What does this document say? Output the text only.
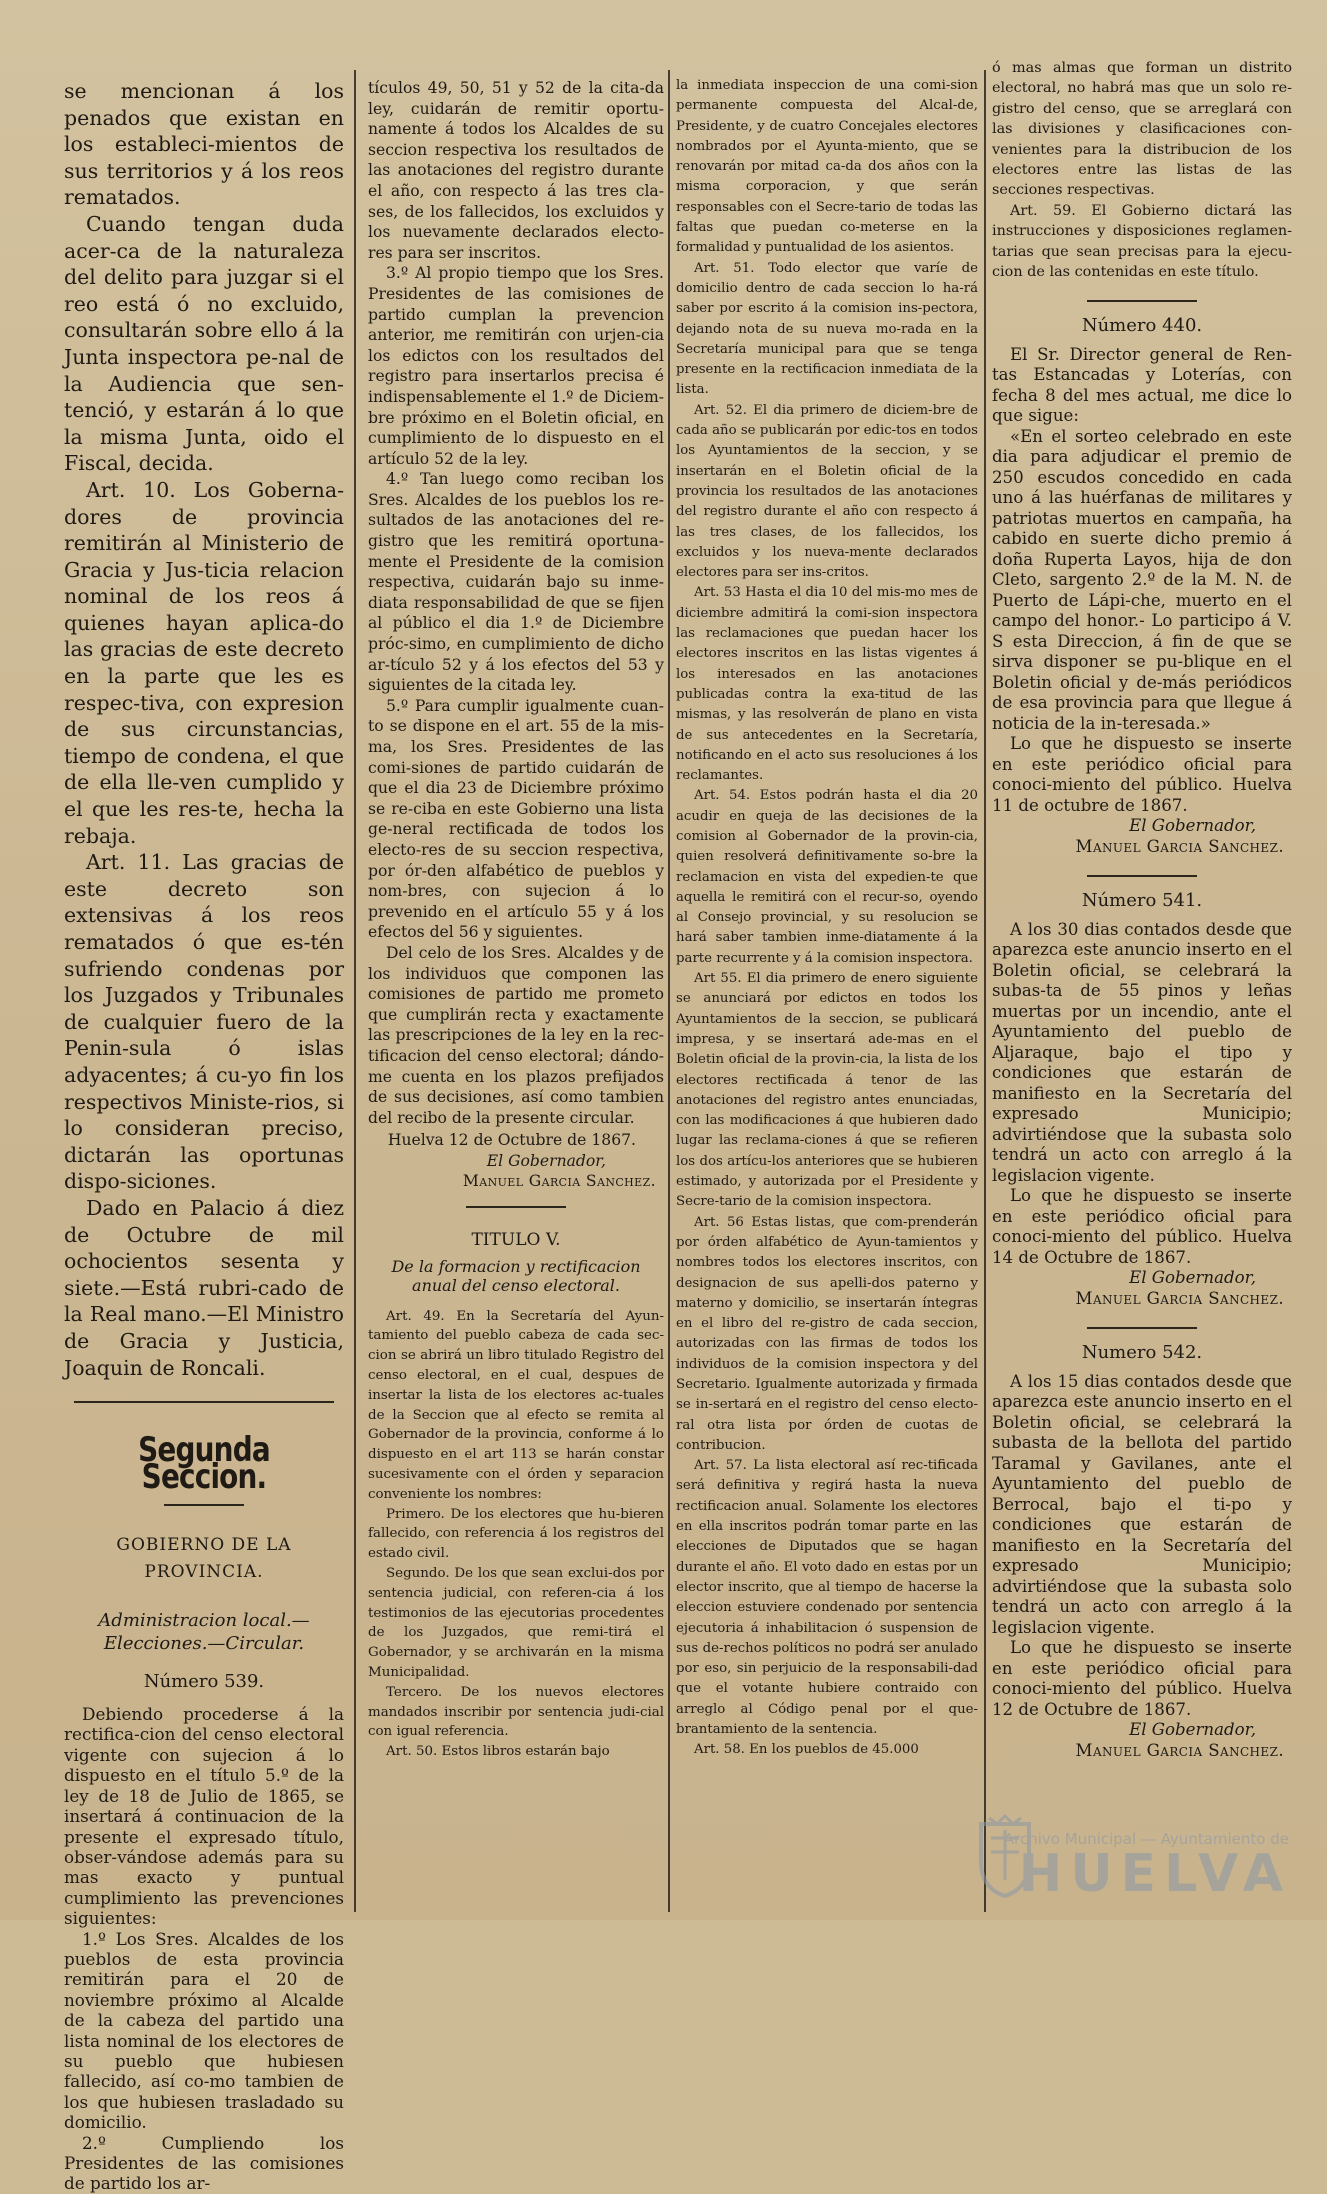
se mencionan á los penados que existan en los estableci-mientos de sus territorios y á los reos rematados.

Cuando tengan duda acer-ca de la naturaleza del delito para juzgar si el reo está ó no excluido, consultarán sobre ello á la Junta inspectora pe-nal de la Audiencia que sen-tenció, y estarán á lo que la misma Junta, oido el Fiscal, decida.

Art. 10. Los Goberna-dores de provincia remitirán al Ministerio de Gracia y Jus-ticia relacion nominal de los reos á quienes hayan aplica-do las gracias de este decreto en la parte que les es respec-tiva, con expresion de sus circunstancias, tiempo de condena, el que de ella lle-ven cumplido y el que les res-te, hecha la rebaja.

Art. 11. Las gracias de este decreto son extensivas á los reos rematados ó que es-tén sufriendo condenas por los Juzgados y Tribunales de cualquier fuero de la Penin-sula ó islas adyacentes; á cu-yo fin los respectivos Ministe-rios, si lo consideran preciso, dictarán las oportunas dispo-siciones.

Dado en Palacio á diez de Octubre de mil ochocientos sesenta y siete.—Está rubri-cado de la Real mano.—El Ministro de Gracia y Justicia, Joaquin de Roncali.

Segunda Seccion.
GOBIERNO DE LA PROVINCIA.
Administracion local.—Elecciones.—Circular.
Número 539.

Debiendo procederse á la rectifica-cion del censo electoral vigente con sujecion á lo dispuesto en el título 5.º de la ley de 18 de Julio de 1865, se insertará á continuacion de la presente el expresado título, obser-vándose además para su mas exacto y puntual cumplimiento las prevenciones siguientes:

1.º Los Sres. Alcaldes de los pueblos de esta provincia remitirán para el 20 de noviembre próximo al Alcalde de la cabeza del partido una lista nominal de los electores de su pueblo que hubiesen fallecido, así co-mo tambien de los que hubiesen trasladado su domicilio.

2.º Cumpliendo los Presidentes de las comisiones de partido los ar-

tículos 49, 50, 51 y 52 de la cita-da ley, cuidarán de remitir oportu-namente á todos los Alcaldes de su seccion respectiva los resultados de las anotaciones del registro durante el año, con respecto á las tres cla-ses, de los fallecidos, los excluidos y los nuevamente declarados electo-res para ser inscritos.

3.º Al propio tiempo que los Sres. Presidentes de las comisiones de partido cumplan la prevencion anterior, me remitirán con urjen-cia los edictos con los resultados del registro para insertarlos precisa é indispensablemente el 1.º de Diciem-bre próximo en el Boletin oficial, en cumplimiento de lo dispuesto en el artículo 52 de la ley.

4.º Tan luego como reciban los Sres. Alcaldes de los pueblos los re-sultados de las anotaciones del re-gistro que les remitirá oportuna-mente el Presidente de la comision respectiva, cuidarán bajo su inme-diata responsabilidad de que se fijen al público el dia 1.º de Diciembre próc-simo, en cumplimiento de dicho ar-tículo 52 y á los efectos del 53 y siguientes de la citada ley.

5.º Para cumplir igualmente cuan-to se dispone en el art. 55 de la mis-ma, los Sres. Presidentes de las comi-siones de partido cuidarán de que el dia 23 de Diciembre próximo se re-ciba en este Gobierno una lista ge-neral rectificada de todos los electo-res de su seccion respectiva, por ór-den alfabético de pueblos y nom-bres, con sujecion á lo prevenido en el artículo 55 y á los efectos del 56 y siguientes.

Del celo de los Sres. Alcaldes y de los individuos que componen las comisiones de partido me prometo que cumplirán recta y exactamente las prescripciones de la ley en la rec-tificacion del censo electoral; dándo-me cuenta en los plazos prefijados de sus decisiones, así como tambien del recibo de la presente circular.

Huelva 12 de Octubre de 1867.
El Gobernador,
Manuel Garcia Sanchez.
TITULO V.
De la formacion y rectificacion anual del censo electoral.

Art. 49. En la Secretaría del Ayun-tamiento del pueblo cabeza de cada sec-cion se abrirá un libro titulado Registro del censo electoral, en el cual, despues de insertar la lista de los electores ac-tuales de la Seccion que al efecto se remita al Gobernador de la provincia, conforme á lo dispuesto en el art 113 se harán constar sucesivamente con el órden y separacion conveniente los nombres:

Primero. De los electores que hu-bieren fallecido, con referencia á los registros del estado civil.

Segundo. De los que sean exclui-dos por sentencia judicial, con referen-cia á los testimonios de las ejecutorias procedentes de los Juzgados, que remi-tirá el Gobernador, y se archivarán en la misma Municipalidad.

Tercero. De los nuevos electores mandados inscribir por sentencia judi-cial con igual referencia.

Art. 50. Estos libros estarán bajo

la inmediata inspeccion de una comi-sion permanente compuesta del Alcal-de, Presidente, y de cuatro Concejales electores nombrados por el Ayunta-miento, que se renovarán por mitad ca-da dos años con la misma corporacion, y que serán responsables con el Secre-tario de todas las faltas que puedan co-meterse en la formalidad y puntualidad de los asientos.

Art. 51. Todo elector que varíe de domicilio dentro de cada seccion lo ha-rá saber por escrito á la comision ins-pectora, dejando nota de su nueva mo-rada en la Secretaría municipal para que se tenga presente en la rectificacion inmediata de la lista.

Art. 52. El dia primero de diciem-bre de cada año se publicarán por edic-tos en todos los Ayuntamientos de la seccion, y se insertarán en el Boletin oficial de la provincia los resultados de las anotaciones del registro durante el año con respecto á las tres clases, de los fallecidos, los excluidos y los nueva-mente declarados electores para ser ins-critos.

Art. 53 Hasta el dia 10 del mis-mo mes de diciembre admitirá la comi-sion inspectora las reclamaciones que puedan hacer los electores inscritos en las listas vigentes á los interesados en las anotaciones publicadas contra la exa-titud de las mismas, y las resolverán de plano en vista de sus antecedentes en la Secretaría, notificando en el acto sus resoluciones á los reclamantes.

Art. 54. Estos podrán hasta el dia 20 acudir en queja de las decisiones de la comision al Gobernador de la provin-cia, quien resolverá definitivamente so-bre la reclamacion en vista del expedien-te que aquella le remitirá con el recur-so, oyendo al Consejo provincial, y su resolucion se hará saber tambien inme-diatamente á la parte recurrente y á la comision inspectora.

Art 55. El dia primero de enero siguiente se anunciará por edictos en todos los Ayuntamientos de la seccion, se publicará impresa, y se insertará ade-mas en el Boletin oficial de la provin-cia, la lista de los electores rectificada á tenor de las anotaciones del registro antes enunciadas, con las modificaciones á que hubieren dado lugar las reclama-ciones á que se refieren los dos artícu-los anteriores que se hubieren estimado, y autorizada por el Presidente y Secre-tario de la comision inspectora.

Art. 56 Estas listas, que com-prenderán por órden alfabético de Ayun-tamientos y nombres todos los electores inscritos, con designacion de sus apelli-dos paterno y materno y domicilio, se insertarán íntegras en el libro del re-gistro de cada seccion, autorizadas con las firmas de todos los individuos de la comision inspectora y del Secretario. Igualmente autorizada y firmada se in-sertará en el registro del censo electo-ral otra lista por órden de cuotas de contribucion.

Art. 57. La lista electoral así rec-tificada será definitiva y regirá hasta la nueva rectificacion anual. Solamente los electores en ella inscritos podrán tomar parte en las elecciones de Diputados que se hagan durante el año. El voto dado en estas por un elector inscrito, que al tiempo de hacerse la eleccion estuviere condenado por sentencia ejecutoria á inhabilitacion ó suspension de sus de-rechos políticos no podrá ser anulado por eso, sin perjuicio de la responsabili-dad que el votante hubiere contraido con arreglo al Código penal por el que-brantamiento de la sentencia.

Art. 58. En los pueblos de 45.000

ó mas almas que forman un distrito electoral, no habrá mas que un solo re-gistro del censo, que se arreglará con las divisiones y clasificaciones con-venientes para la distribucion de los electores entre las listas de las secciones respectivas.

Art. 59. El Gobierno dictará las instrucciones y disposiciones reglamen-tarias que sean precisas para la ejecu-cion de las contenidas en este título.

Número 440.

El Sr. Director general de Ren-tas Estancadas y Loterías, con fecha 8 del mes actual, me dice lo que sigue:

«En el sorteo celebrado en este dia para adjudicar el premio de 250 escudos concedido en cada uno á las huérfanas de militares y patriotas muertos en campaña, ha cabido en suerte dicho premio á doña Ruperta Layos, hija de don Cleto, sargento 2.º de la M. N. de Puerto de Lápi-che, muerto en el campo del honor.- Lo participo á V. S esta Direccion, á fin de que se sirva disponer se pu-blique en el Boletin oficial y de-más periódicos de esa provincia para que llegue á noticia de la in-teresada.»

Lo que he dispuesto se inserte en este periódico oficial para conoci-miento del público. Huelva 11 de octubre de 1867.

El Gobernador,
Manuel Garcia Sanchez.
Número 541.

A los 30 dias contados desde que aparezca este anuncio inserto en el Boletin oficial, se celebrará la subas-ta de 55 pinos y leñas muertas por un incendio, ante el Ayuntamiento del pueblo de Aljaraque, bajo el tipo y condiciones que estarán de manifiesto en la Secretaría del expresado Municipio; advirtiéndose que la subasta solo tendrá un acto con arreglo á la legislacion vigente.

Lo que he dispuesto se inserte en este periódico oficial para conoci-miento del público. Huelva 14 de Octubre de 1867.

El Gobernador,
Manuel Garcia Sanchez.
Numero 542.

A los 15 dias contados desde que aparezca este anuncio inserto en el Boletin oficial, se celebrará la subasta de la bellota del partido Taramal y Gavilanes, ante el Ayuntamiento del pueblo de Berrocal, bajo el ti-po y condiciones que estarán de manifiesto en la Secretaría del expresado Municipio; advirtiéndose que la subasta solo tendrá un acto con arreglo á la legislacion vigente.

Lo que he dispuesto se inserte en este periódico oficial para conoci-miento del público. Huelva 12 de Octubre de 1867.

El Gobernador,
Manuel Garcia Sanchez.
Archivo Municipal — Ayuntamiento de
HUELVA
